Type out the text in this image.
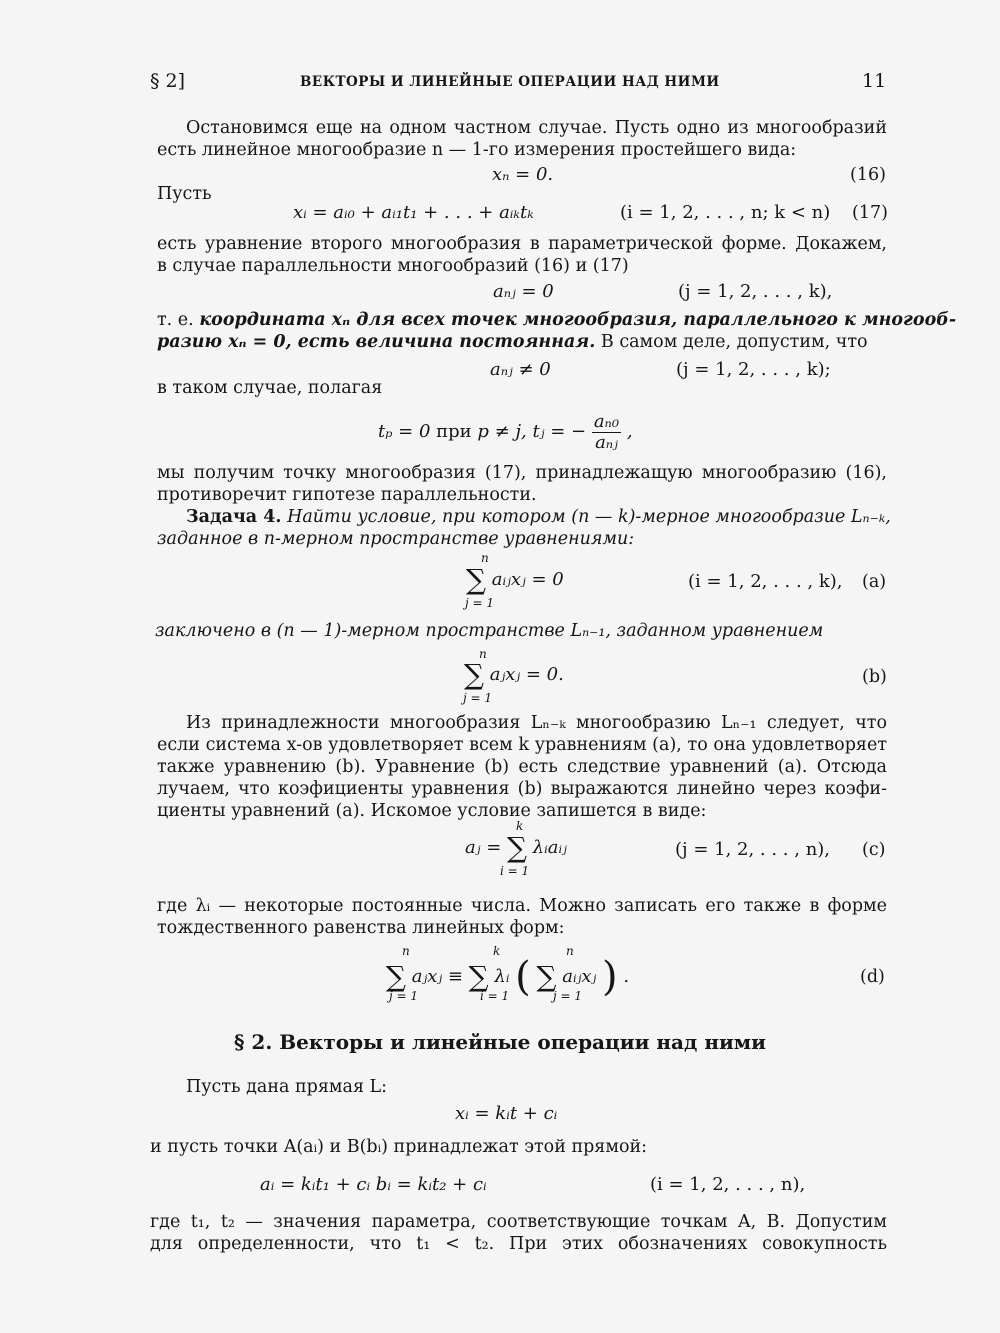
§ 2]	ВЕКТОРЫ И ЛИНЕЙНЫЕ ОПЕРАЦИИ НАД НИМИ	11
Остановимся еще на одном частном случае. Пусть одно из многообразий
есть линейное многообразие n — 1-го измерения простейшего вида:
xₙ = 0.	(16)
Пусть
xᵢ = aᵢ₀ + aᵢ₁t₁ + . . . + aᵢₖtₖ	(i = 1, 2, . . . , n; k < n) (17)
есть уравнение второго многообразия в параметрической форме. Докажем,
в случае параллельности многообразий (16) и (17)
aₙⱼ = 0	(j = 1, 2, . . . , k),
т. е. координата xₙ для всех точек многообразия, параллельного к многооб-
разию xₙ = 0, есть величина постоянная. В самом деле, допустим, что
aₙⱼ ≠ 0	(j = 1, 2, . . . , k);
в таком случае, полагая
tₚ = 0 при p ≠ j, tⱼ = − $\frac{\text{aₙ₀}}{\text{aₙⱼ}}$ ,
мы получим точку многообразия (17), принадлежащую многообразию (16),
противоречит гипотезе параллельности.
Задача 4. Найти условие, при котором (n — k)-мерное многообразие Lₙ₋ₖ,
заданное в n-мерном пространстве уравнениями:
n
∑ aᵢⱼxⱼ = 0
j = 1
(i = 1, 2, . . . , k), (a)
заключено в (n — 1)-мерном пространстве Lₙ₋₁, заданном уравнением
n
∑ aⱼxⱼ = 0.
j = 1
(b)
Из принадлежности многообразия Lₙ₋ₖ многообразию Lₙ₋₁ следует, что
если система x-ов удовлетворяет всем k уравнениям (a), то она удовлетворяет
также уравнению (b). Уравнение (b) есть следствие уравнений (a). Отсюда
лучаем, что коэфициенты уравнения (b) выражаются линейно через коэфи-
циенты уравнений (a). Искомое условие запишется в виде:
k
aⱼ = ∑ λᵢaᵢⱼ
i = 1
(j = 1, 2, . . . , n), (c)
где λᵢ — некоторые постоянные числа. Можно записать его также в форме
тождественного равенства линейных форм:
n	k	n
∑ aⱼxⱼ ≡ ∑ λᵢ ( ∑ aᵢⱼxⱼ ) .
j = 1	i = 1	j = 1
(d)
§ 2. Векторы и линейные операции над ними
Пусть дана прямая L:
xᵢ = kᵢt + cᵢ
и пусть точки A(aᵢ) и B(bᵢ) принадлежат этой прямой:
aᵢ = kᵢt₁ + cᵢ bᵢ = kᵢt₂ + cᵢ	(i = 1, 2, . . . , n),
где t₁, t₂ — значения параметра, соответствующие точкам A, B. Допустим
для определенности, что t₁ < t₂. При этих обозначениях совокупность
